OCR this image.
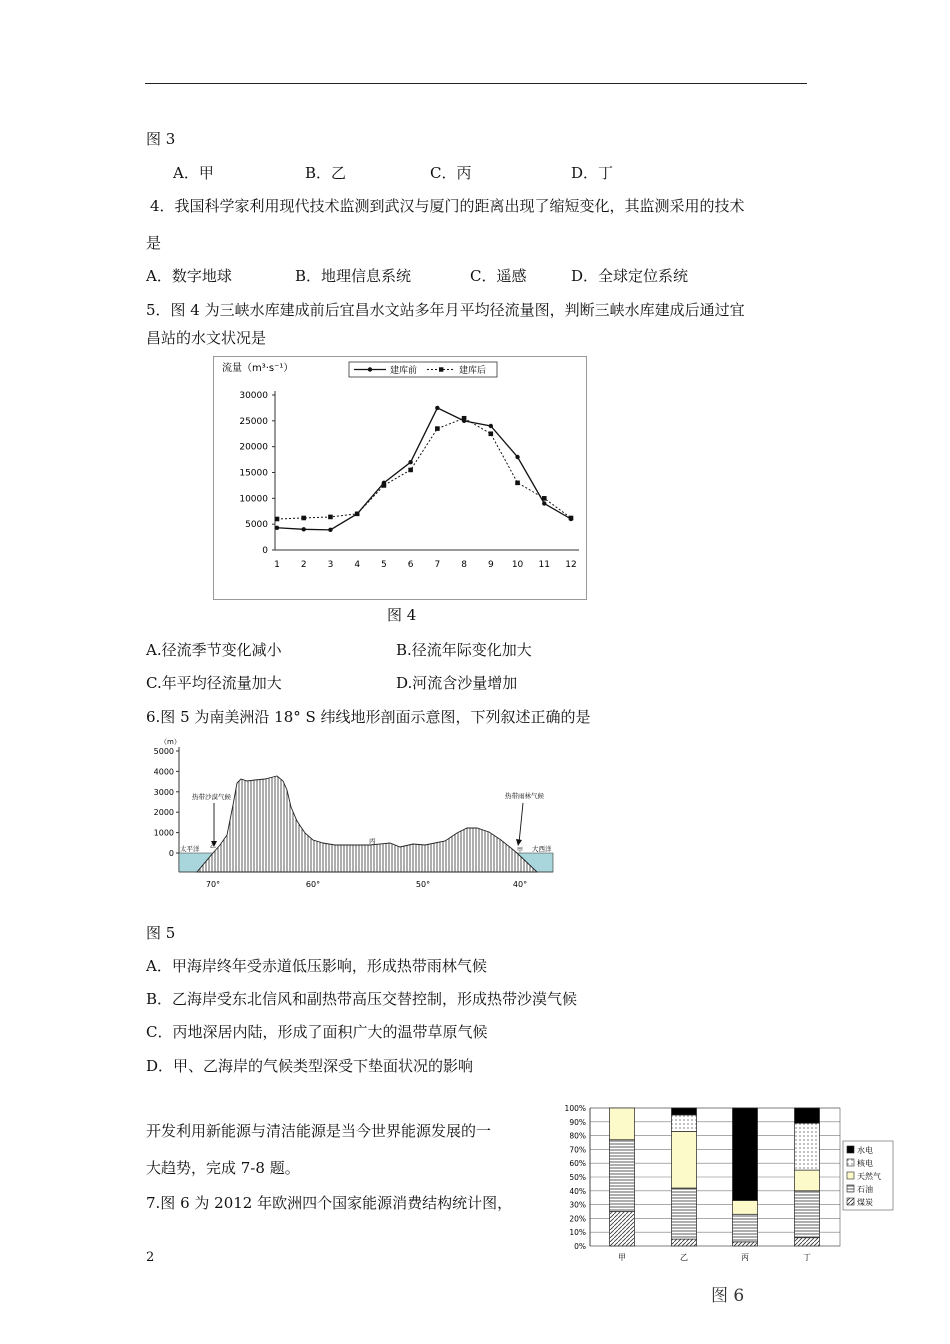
图 3
A．甲	B．乙	C．丙	D．丁
4．我国科学家利用现代技术监测到武汉与厦门的距离出现了缩短变化，其监测采用的技术
是
A．数字地球	B．地理信息系统	C．遥感	D．全球定位系统
5．图 4 为三峡水库建成前后宜昌水文站多年月平均径流量图，判断三峡水库建成后通过宜
昌站的水文状况是
流量（m³·s⁻¹）
0
5000
10000
15000
20000
25000
30000
1 2 3 4 5 6 7 8 9 10 11 12
建库前	建库后
图 4
A.径流季节变化减小	B.径流年际变化加大
C.年平均径流量加大	D.河流含沙量增加
6.图 5 为南美洲沿 18° S 纬线地形剖面示意图，下列叙述正确的是
（m）
0
1000
2000
3000
4000
5000
热带沙漠气候	热带雨林气候
太平洋	大西洋
乙
丙
甲
70°	60°	50°	40°
图 5
A．甲海岸终年受赤道低压影响，形成热带雨林气候
B．乙海岸受东北信风和副热带高压交替控制，形成热带沙漠气候
C．丙地深居内陆，形成了面积广大的温带草原气候
D．甲、乙海岸的气候类型深受下垫面状况的影响
开发利用新能源与清洁能源是当今世界能源发展的一
大趋势，完成 7-8 题。
7.图 6 为 2012 年欧洲四个国家能源消费结构统计图，
2
0%
10%
20%
30%
40%
50%
60%
70%
80%
90%
100%
甲	乙	丙	丁
水电
核电
天然气
石油
煤炭
图 6
